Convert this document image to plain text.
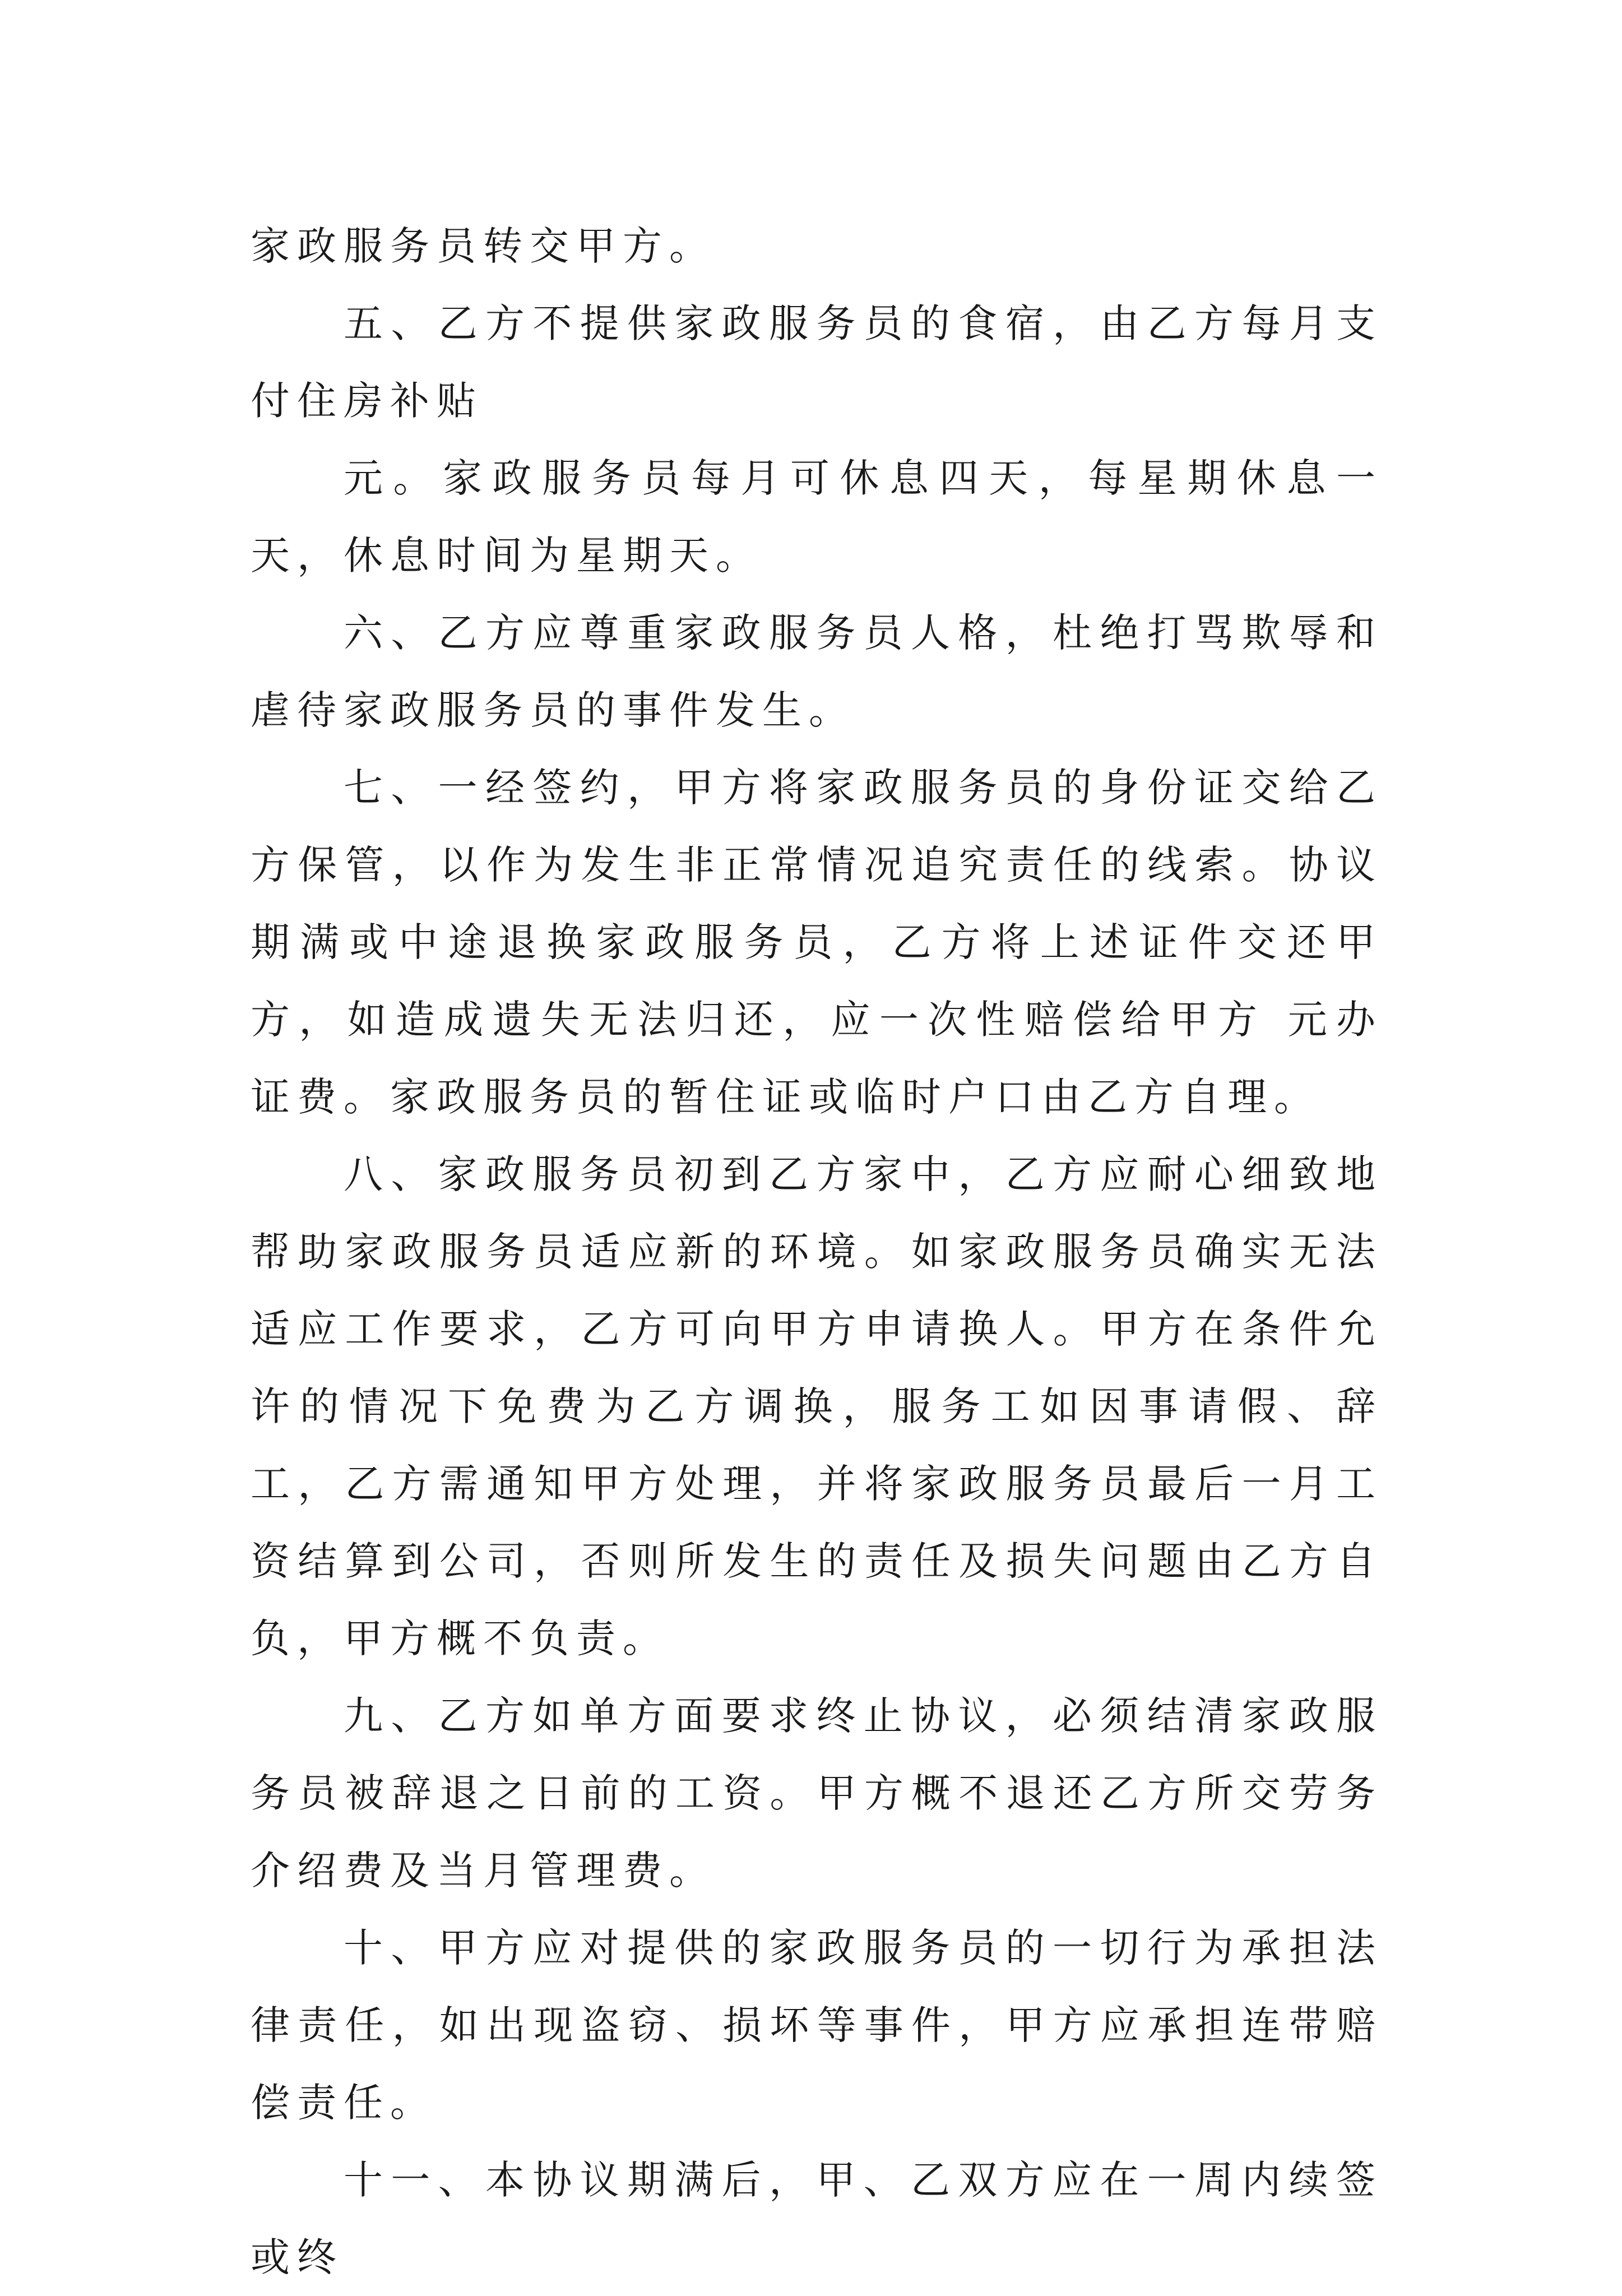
家政服务员转交甲方。

五、乙方不提供家政服务员的食宿，由乙方每月支付住房补贴

元。家政服务员每月可休息四天，每星期休息一天，休息时间为星期天。

六、乙方应尊重家政服务员人格，杜绝打骂欺辱和虐待家政服务员的事件发生。

七、一经签约，甲方将家政服务员的身份证交给乙方保管，以作为发生非正常情况追究责任的线索。协议期满或中途退换家政服务员，乙方将上述证件交还甲方，如造成遗失无法归还，应一次性赔偿给甲方 元办证费。家政服务员的暂住证或临时户口由乙方自理。

八、家政服务员初到乙方家中，乙方应耐心细致地帮助家政服务员适应新的环境。如家政服务员确实无法适应工作要求，乙方可向甲方申请换人。甲方在条件允许的情况下免费为乙方调换，服务工如因事请假、辞工，乙方需通知甲方处理，并将家政服务员最后一月工资结算到公司，否则所发生的责任及损失问题由乙方自负，甲方概不负责。

九、乙方如单方面要求终止协议，必须结清家政服务员被辞退之日前的工资。甲方概不退还乙方所交劳务介绍费及当月管理费。

十、甲方应对提供的家政服务员的一切行为承担法律责任，如出现盗窃、损坏等事件，甲方应承担连带赔偿责任。

十一、本协议期满后，甲、乙双方应在一周内续签或终
